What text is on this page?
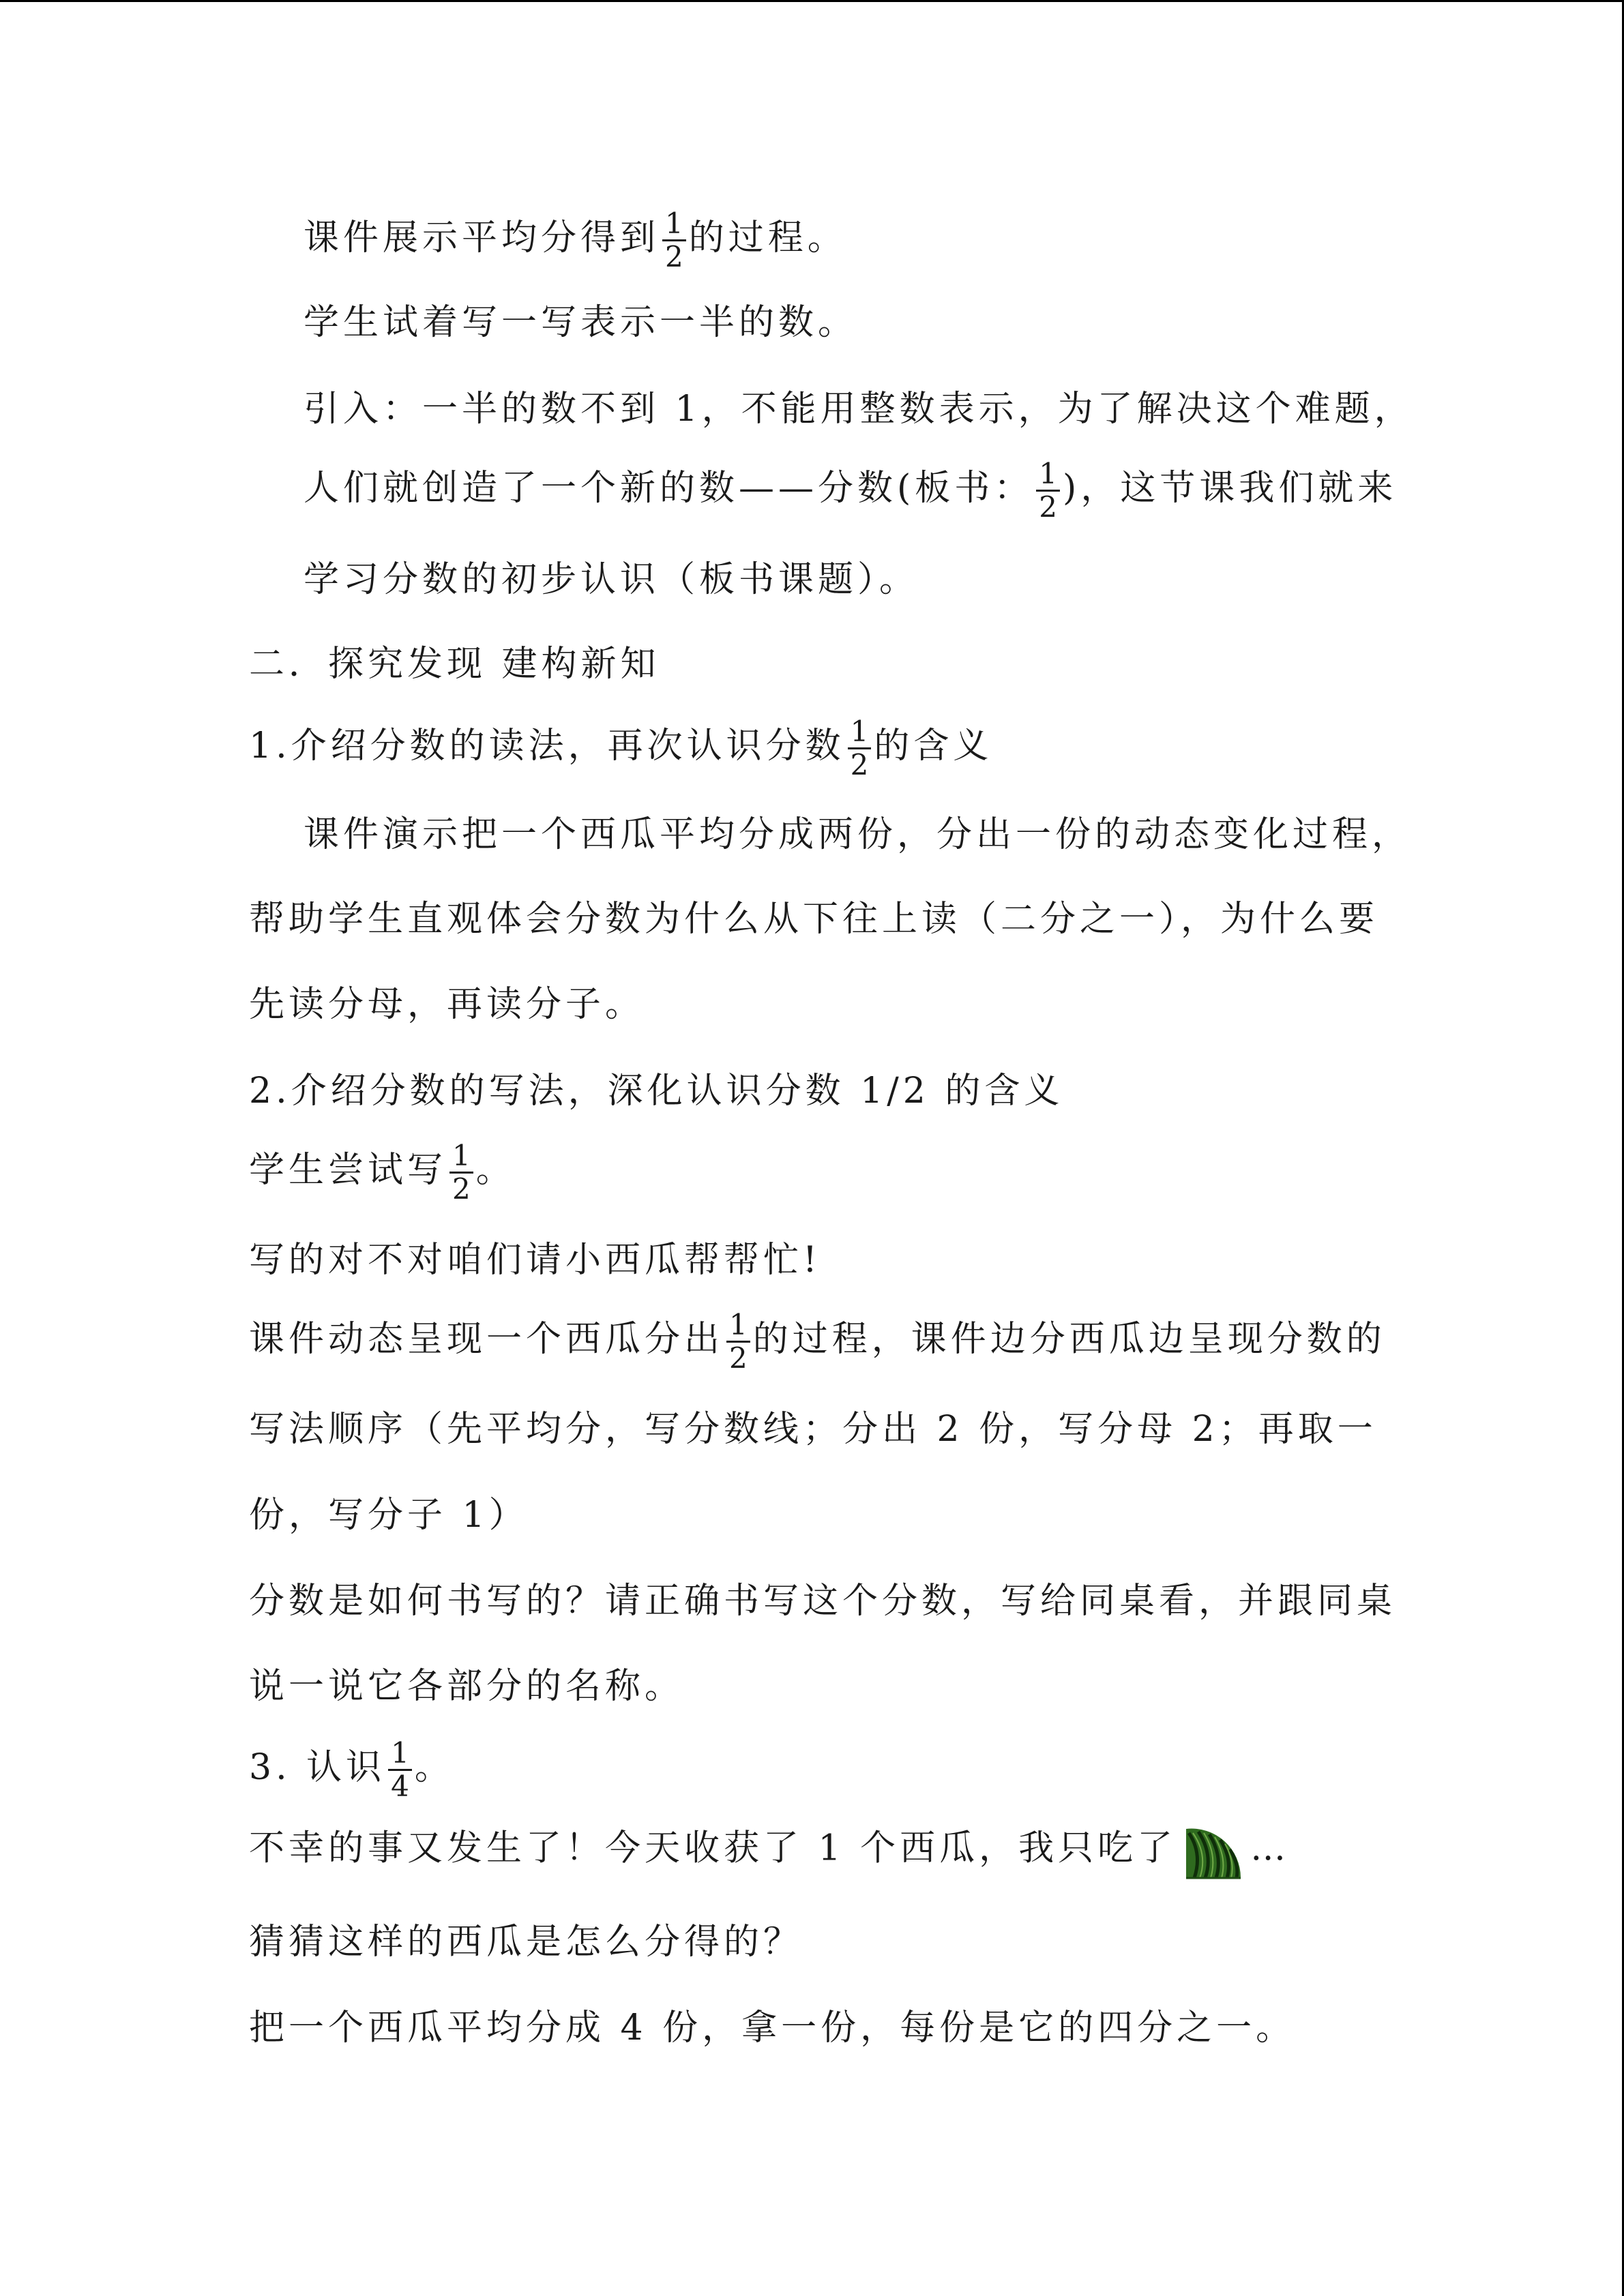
课件展示平均分得到 $\frac{1}{2}$ 的过程。
学生试着写一写表示一半的数。
引入：一半的数不到 1，不能用整数表示，为了解决这个难题，
人们就创造了一个新的数——分数(板书： $\frac{1}{2}$ )，这节课我们就来
学习分数的初步认识（板书课题）。
二．探究发现 建构新知
1.介绍分数的读法，再次认识分数 $\frac{1}{2}$ 的含义
课件演示把一个西瓜平均分成两份，分出一份的动态变化过程，
帮助学生直观体会分数为什么从下往上读（二分之一），为什么要
先读分母，再读分子。
2.介绍分数的写法，深化认识分数 1/2 的含义
学生尝试写 $\frac{1}{2}$ 。
写的对不对咱们请小西瓜帮帮忙!
课件动态呈现一个西瓜分出 $\frac{1}{2}$ 的过程，课件边分西瓜边呈现分数的
写法顺序（先平均分，写分数线；分出 2 份，写分母 2；再取一
份，写分子 1）
分数是如何书写的？请正确书写这个分数，写给同桌看，并跟同桌
说一说它各部分的名称。
3. 认识 $\frac{1}{4}$ 。
不幸的事又发生了！今天收获了 1 个西瓜，我只吃了 …
猜猜这样的西瓜是怎么分得的？
把一个西瓜平均分成 4 份，拿一份，每份是它的四分之一。
